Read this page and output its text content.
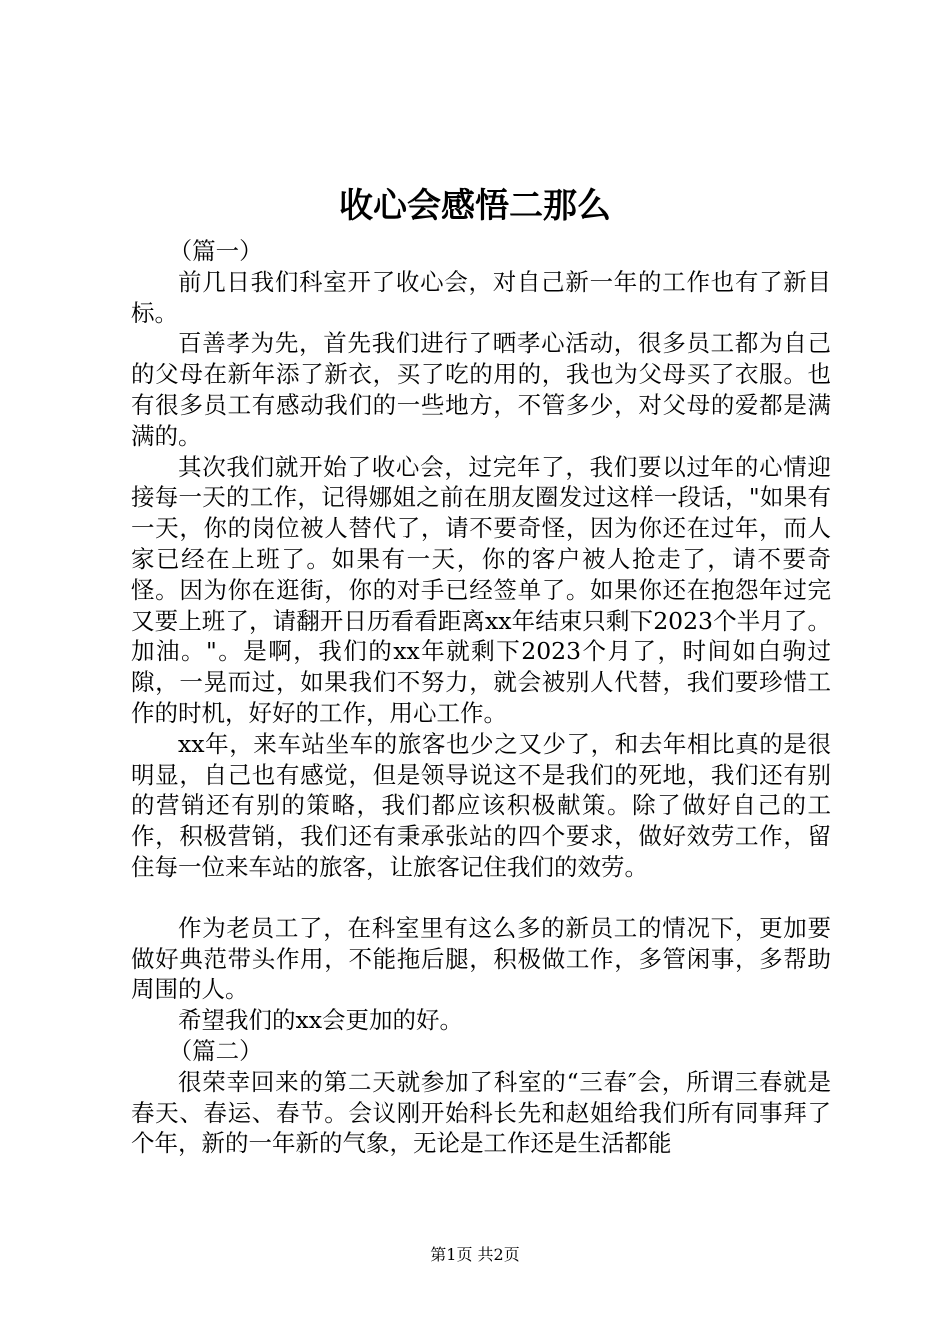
收心会感悟二那么

（篇一）

前几日我们科室开了收心会，对自己新一年的工作也有了新目标。

百善孝为先，首先我们进行了晒孝心活动，很多员工都为自己的父母在新年添了新衣，买了吃的用的，我也为父母买了衣服。也有很多员工有感动我们的一些地方，不管多少，对父母的爱都是满满的。

其次我们就开始了收心会，过完年了，我们要以过年的心情迎接每一天的工作，记得娜姐之前在朋友圈发过这样一段话，"如果有一天，你的岗位被人替代了，请不要奇怪，因为你还在过年，而人家已经在上班了。如果有一天，你的客户被人抢走了，请不要奇怪。因为你在逛街，你的对手已经签单了。如果你还在抱怨年过完又要上班了，请翻开日历看看距离xx年结束只剩下2023个半月了。加油。"。是啊，我们的xx年就剩下2023个月了，时间如白驹过隙，一晃而过，如果我们不努力，就会被别人代替，我们要珍惜工作的时机，好好的工作，用心工作。

xx年，来车站坐车的旅客也少之又少了，和去年相比真的是很明显，自己也有感觉，但是领导说这不是我们的死地，我们还有别的营销还有别的策略，我们都应该积极献策。除了做好自己的工作，积极营销，我们还有秉承张站的四个要求，做好效劳工作，留住每一位来车站的旅客，让旅客记住我们的效劳。

作为老员工了，在科室里有这么多的新员工的情况下，更加要做好典范带头作用，不能拖后腿，积极做工作，多管闲事，多帮助周围的人。

希望我们的xx会更加的好。

（篇二）

很荣幸回来的第二天就参加了科室的“三春″会，所谓三春就是春天、春运、春节。会议刚开始科长先和赵姐给我们所有同事拜了个年，新的一年新的气象，无论是工作还是生活都能

第1页 共2页
